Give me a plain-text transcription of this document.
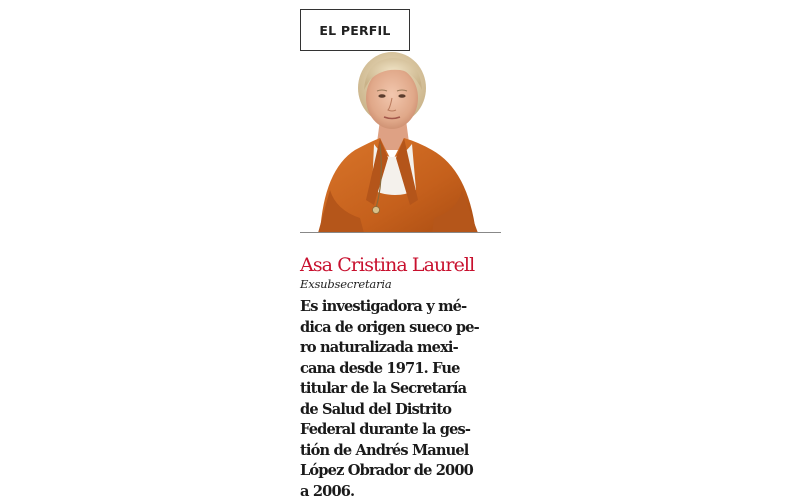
EL PERFIL
Asa Cristina Laurell
Exsubsecretaria
Es investigadora y mé-
dica de origen sueco pe-
ro naturalizada mexi-
cana desde 1971. Fue
titular de la Secretaría
de Salud del Distrito
Federal durante la ges-
tión de Andrés Manuel
López Obrador de 2000
a 2006.
